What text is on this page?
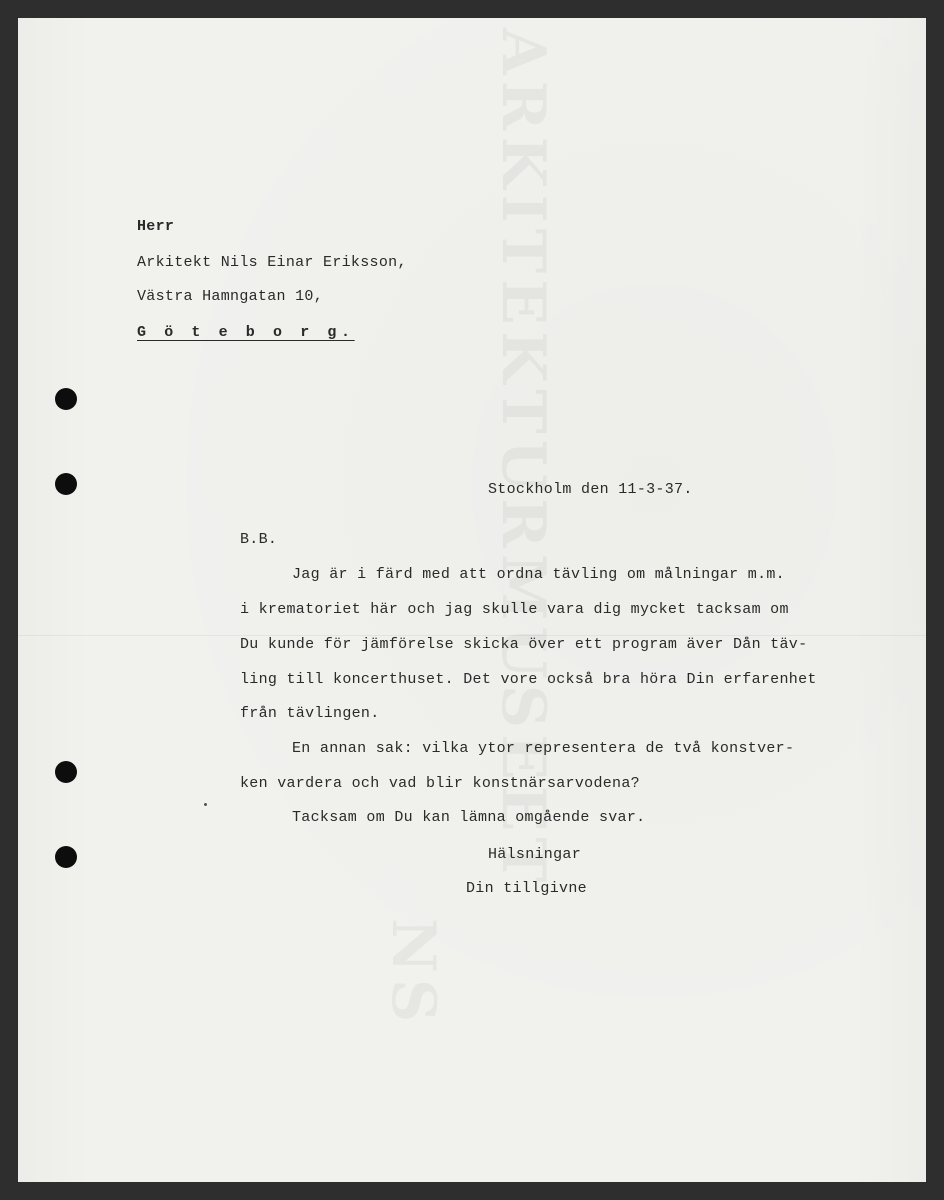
Herr
Arkitekt Nils Einar Eriksson,
Västra Hamngatan 10,
G ö t e b o r g.
Stockholm den 11-3-37.
B.B.
Jag är i färd med att ordna tävling om målningar m.m.
i krematoriet här och jag skulle vara dig mycket tacksam om
Du kunde för jämförelse skicka över ett program äver Dån täv-
ling till koncerthuset. Det vore också bra höra Din erfarenhet
från tävlingen.
En annan sak: vilka ytor representera de två konstver-
ken vardera och vad blir konstnärsarvodena?
Tacksam om Du kan lämna omgående svar.
Hälsningar
Din tillgivne
